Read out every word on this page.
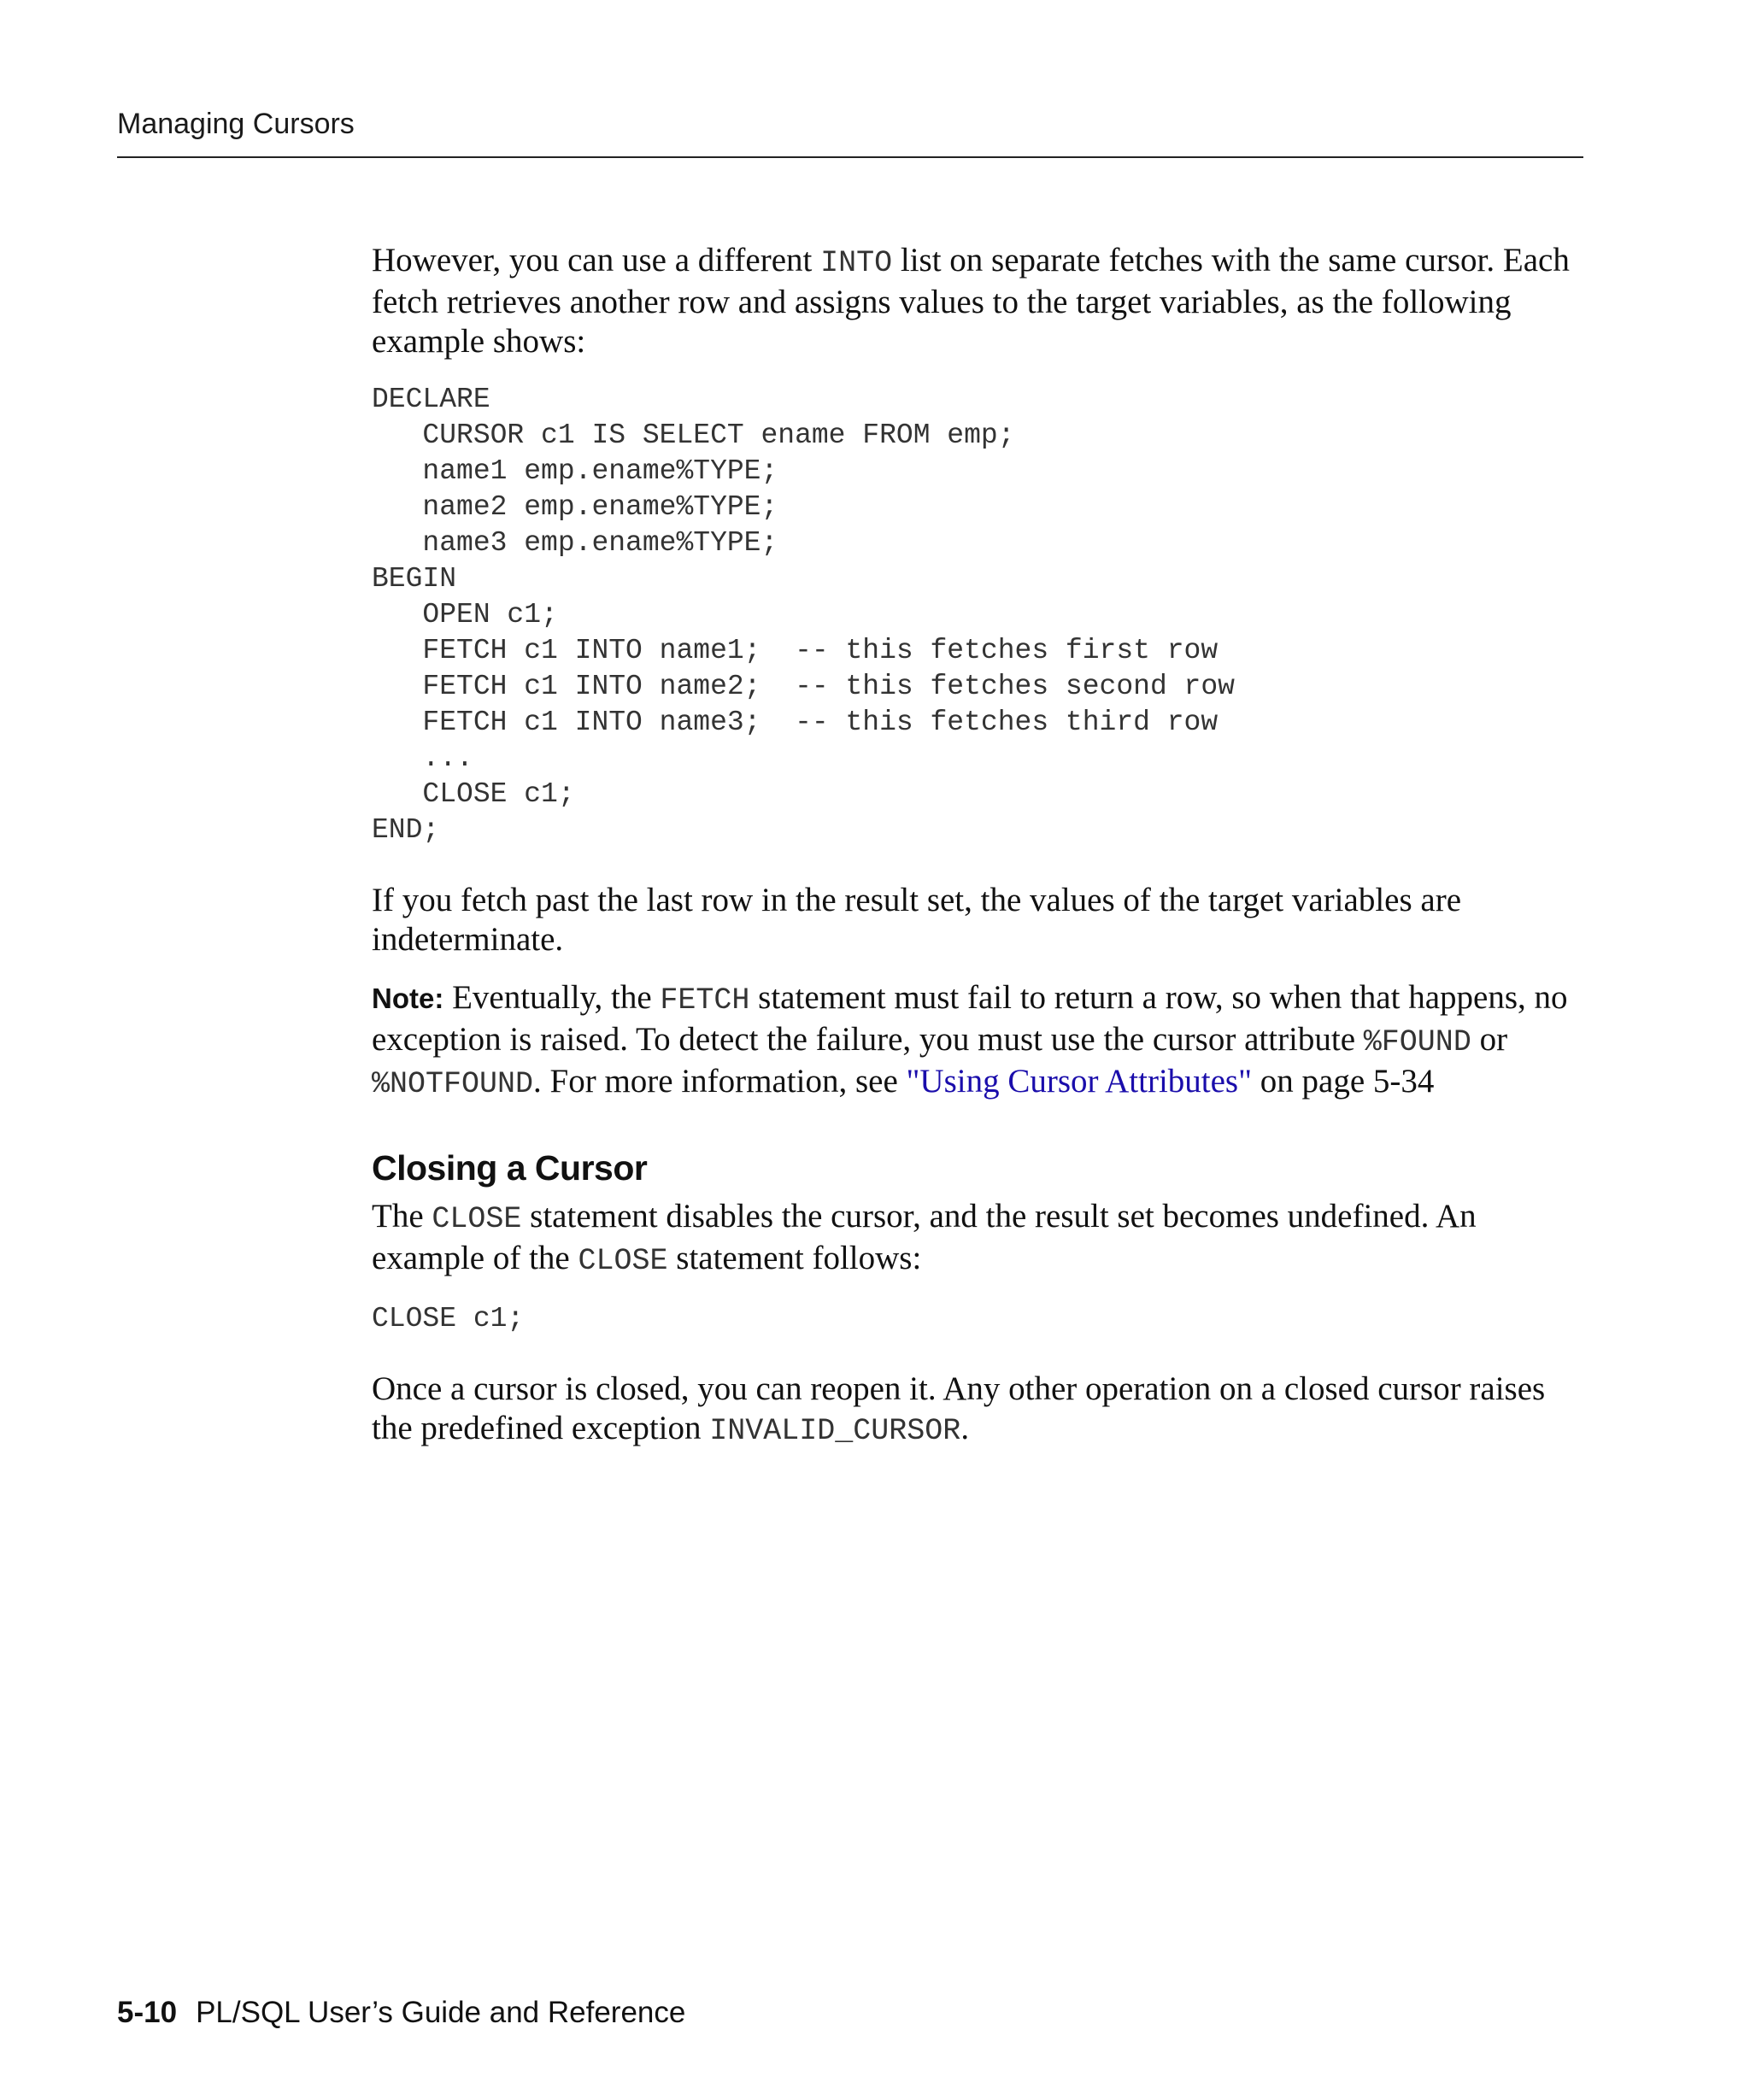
Managing Cursors

However, you can use a different INTO list on separate fetches with the same cursor. Each fetch retrieves another row and assigns values to the target variables, as the following example shows:

DECLARE
CURSOR c1 IS SELECT ename FROM emp;
name1 emp.ename%TYPE;
name2 emp.ename%TYPE;
name3 emp.ename%TYPE;
BEGIN
OPEN c1;
FETCH c1 INTO name1;  -- this fetches first row
FETCH c1 INTO name2;  -- this fetches second row
FETCH c1 INTO name3;  -- this fetches third row
...
CLOSE c1;
END;

If you fetch past the last row in the result set, the values of the target variables are indeterminate.

Note: Eventually, the FETCH statement must fail to return a row, so when that happens, no exception is raised. To detect the failure, you must use the cursor attribute %FOUND or %NOTFOUND. For more information, see "Using Cursor Attributes" on page 5-34

Closing a Cursor

The CLOSE statement disables the cursor, and the result set becomes undefined. An example of the CLOSE statement follows:

CLOSE c1;

Once a cursor is closed, you can reopen it. Any other operation on a closed cursor raises the predefined exception INVALID_CURSOR.

5-10 PL/SQL User’s Guide and Reference
